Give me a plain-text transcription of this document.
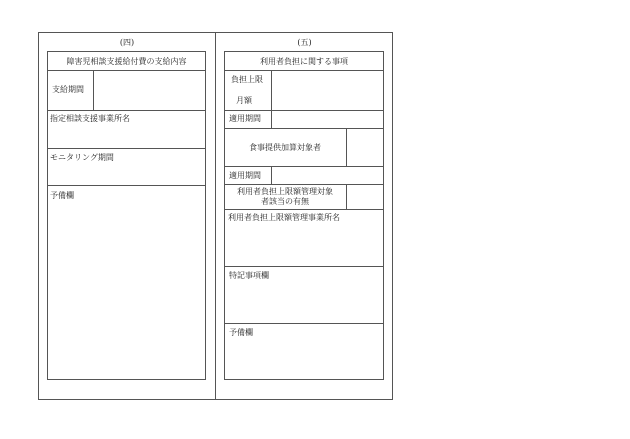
(四)
障害児相談支援給付費の支給内容
支給期間
指定相談支援事業所名
モニタリング期間
予備欄
(五)
利用者負担に関する事項
負担上限
月額
適用期間
食事提供加算対象者
適用期間
利用者負担上限額管理対象
者該当の有無
利用者負担上限額管理事業所名
特記事項欄
予備欄
